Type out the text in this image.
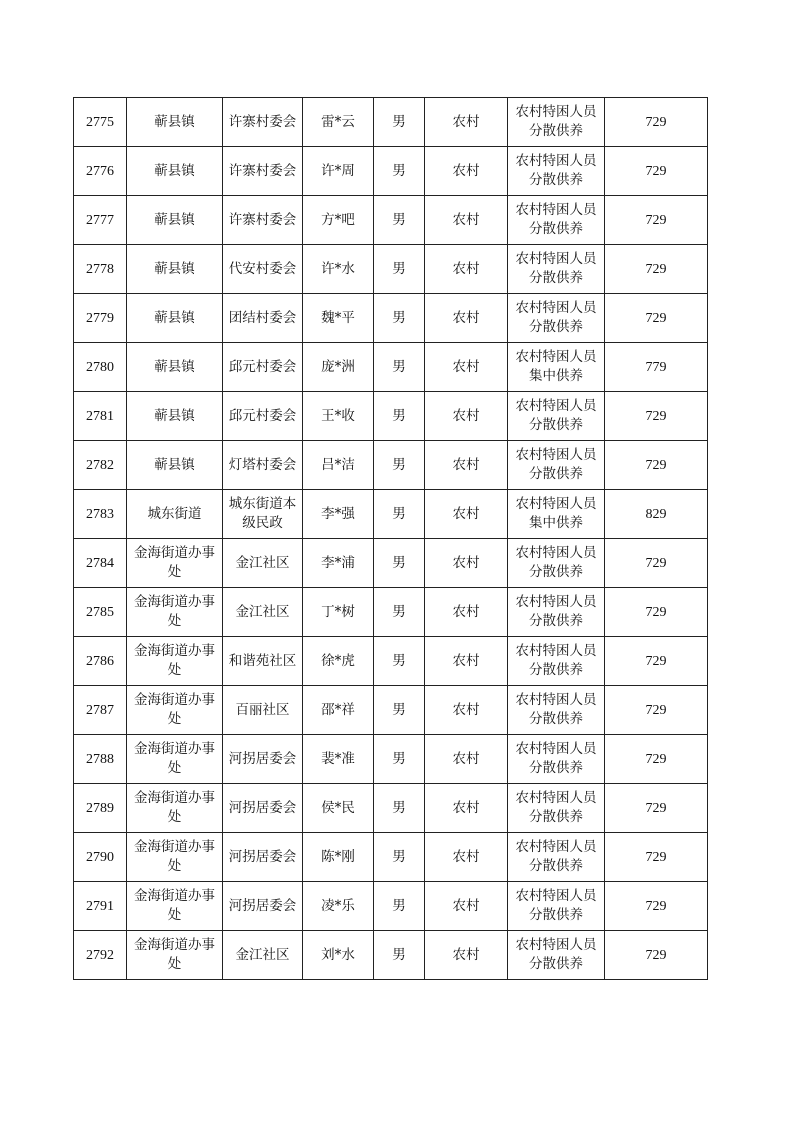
2775	蕲县镇	许寨村委会	雷*云	男	农村	农村特困人员分散供养	729
2776	蕲县镇	许寨村委会	许*周	男	农村	农村特困人员分散供养	729
2777	蕲县镇	许寨村委会	方*吧	男	农村	农村特困人员分散供养	729
2778	蕲县镇	代安村委会	许*水	男	农村	农村特困人员分散供养	729
2779	蕲县镇	团结村委会	魏*平	男	农村	农村特困人员分散供养	729
2780	蕲县镇	邱元村委会	庞*洲	男	农村	农村特困人员集中供养	779
2781	蕲县镇	邱元村委会	王*收	男	农村	农村特困人员分散供养	729
2782	蕲县镇	灯塔村委会	吕*洁	男	农村	农村特困人员分散供养	729
2783	城东街道	城东街道本级民政	李*强	男	农村	农村特困人员集中供养	829
2784	金海街道办事处	金江社区	李*浦	男	农村	农村特困人员分散供养	729
2785	金海街道办事处	金江社区	丁*树	男	农村	农村特困人员分散供养	729
2786	金海街道办事处	和谐苑社区	徐*虎	男	农村	农村特困人员分散供养	729
2787	金海街道办事处	百丽社区	邵*祥	男	农村	农村特困人员分散供养	729
2788	金海街道办事处	河拐居委会	裴*准	男	农村	农村特困人员分散供养	729
2789	金海街道办事处	河拐居委会	侯*民	男	农村	农村特困人员分散供养	729
2790	金海街道办事处	河拐居委会	陈*刚	男	农村	农村特困人员分散供养	729
2791	金海街道办事处	河拐居委会	凌*乐	男	农村	农村特困人员分散供养	729
2792	金海街道办事处	金江社区	刘*水	男	农村	农村特困人员分散供养	729
